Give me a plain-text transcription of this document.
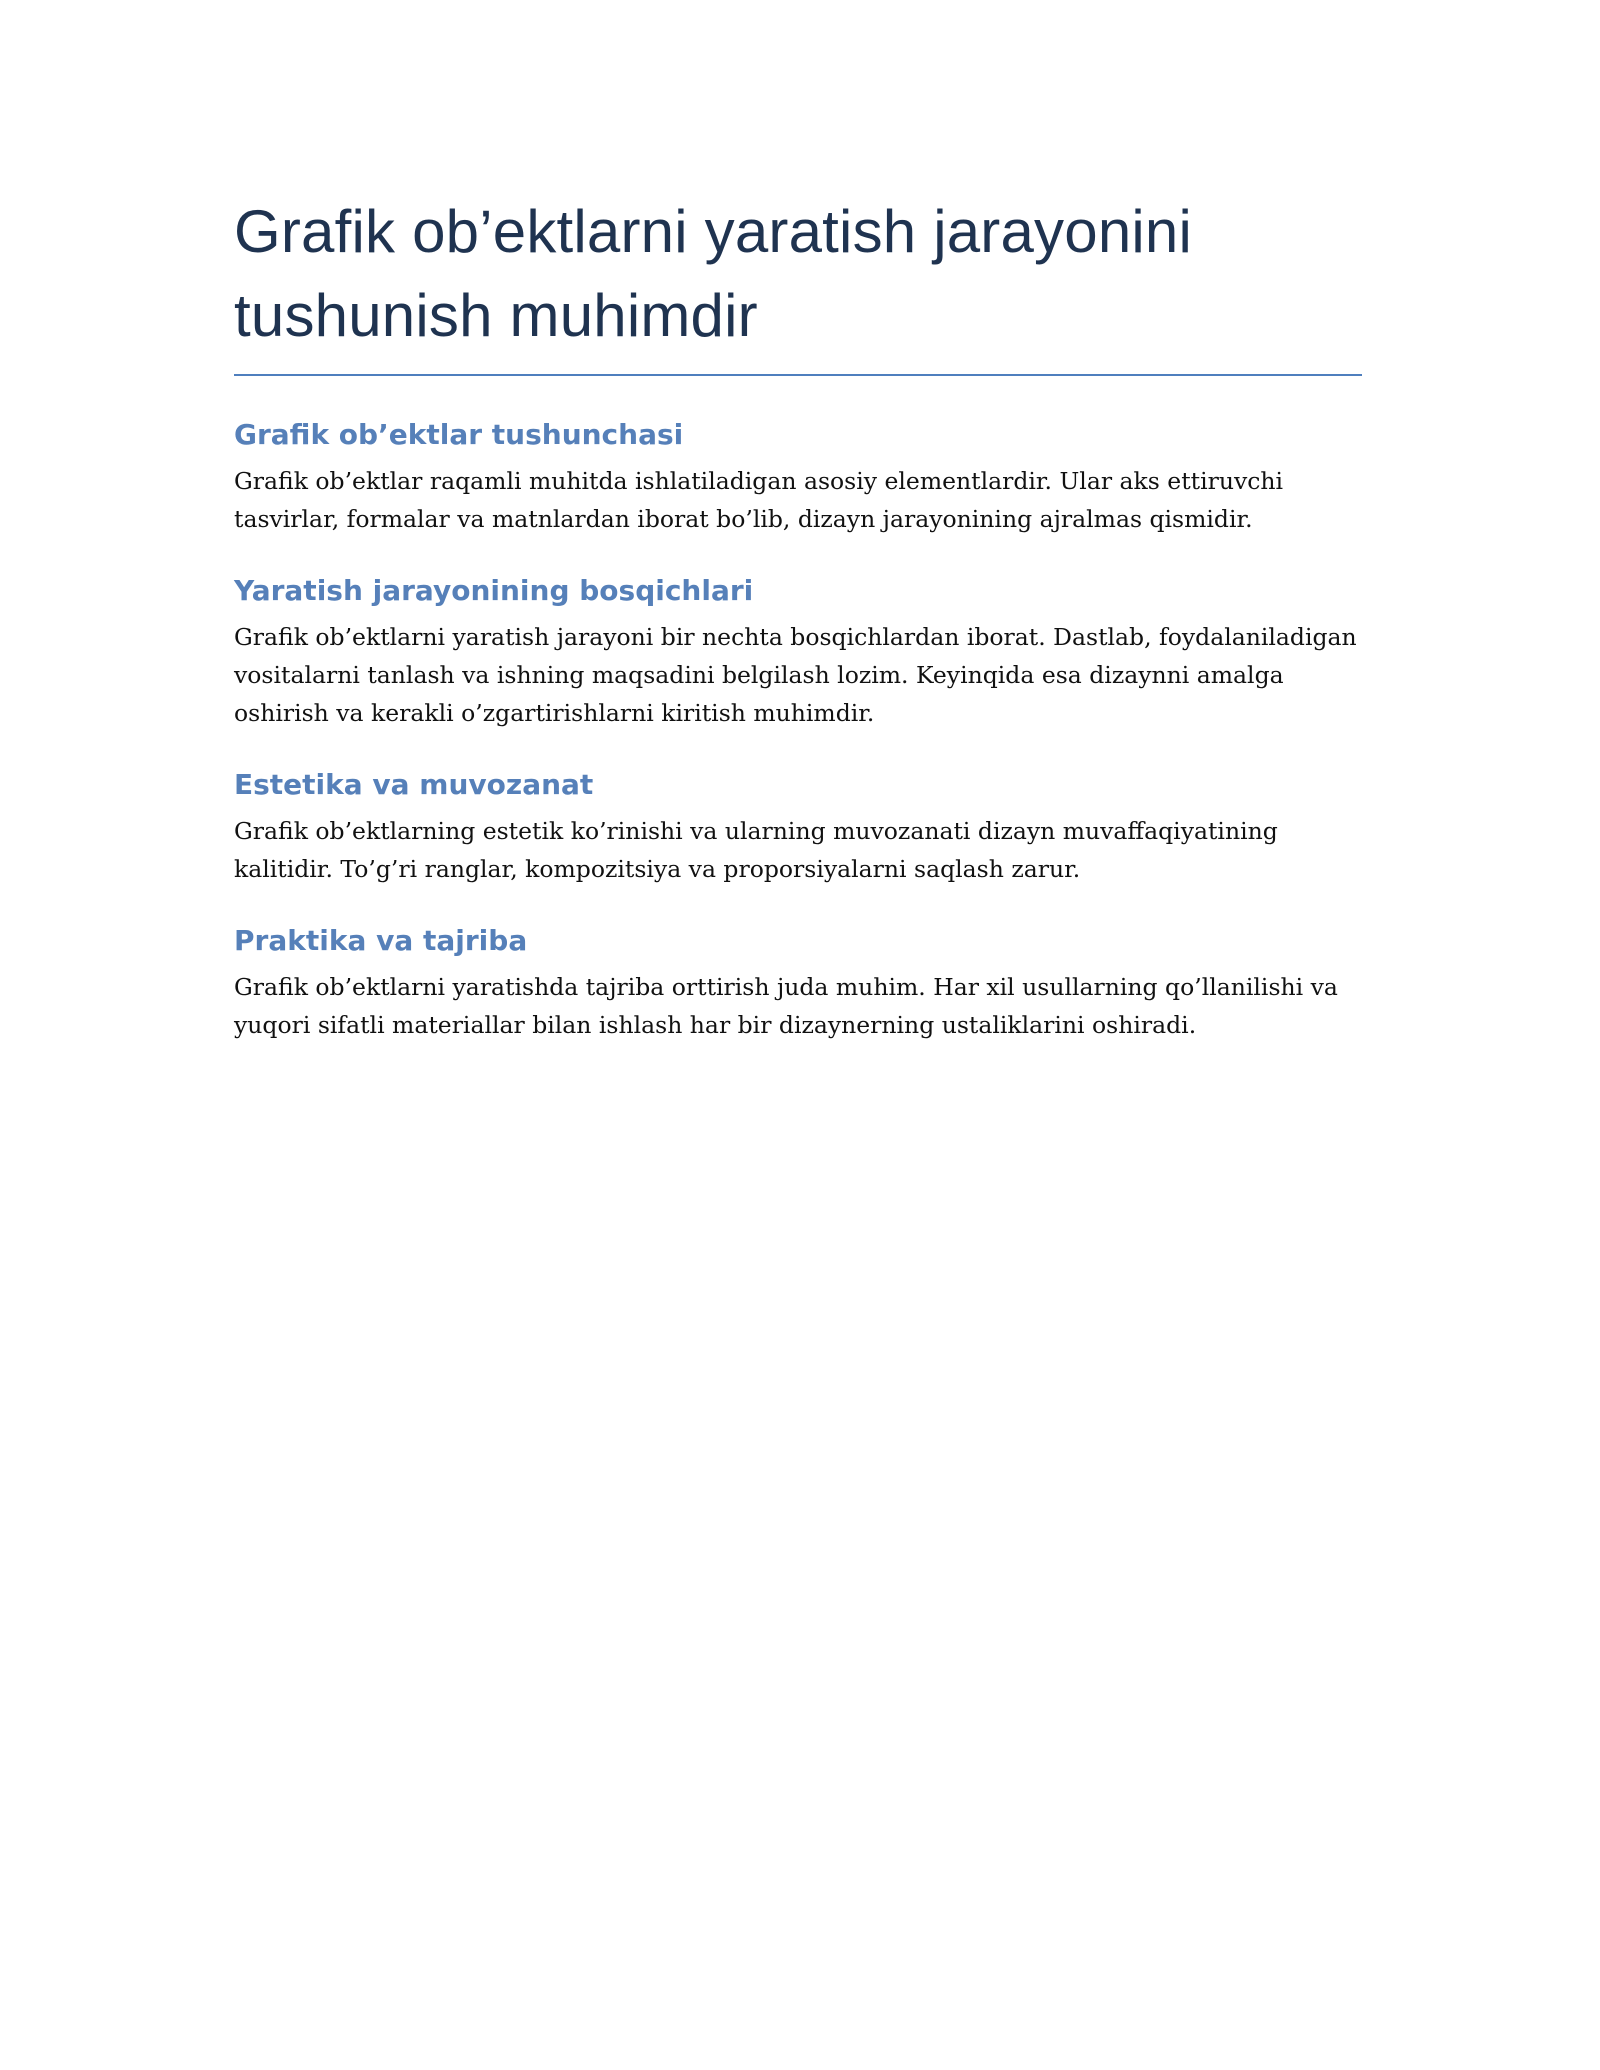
Grafik ob’ektlarni yaratish jarayonini tushunish muhimdir
Grafik ob’ektlar tushunchasi

Grafik ob’ektlar raqamli muhitda ishlatiladigan asosiy elementlardir. Ular aks ettiruvchi tasvirlar, formalar va matnlardan iborat bo’lib, dizayn jarayonining ajralmas qismidir.

Yaratish jarayonining bosqichlari

Grafik ob’ektlarni yaratish jarayoni bir nechta bosqichlardan iborat. Dastlab, foydalaniladigan vositalarni tanlash va ishning maqsadini belgilash lozim. Keyinqida esa dizaynni amalga oshirish va kerakli o’zgartirishlarni kiritish muhimdir.

Estetika va muvozanat

Grafik ob’ektlarning estetik ko’rinishi va ularning muvozanati dizayn muvaffaqiyatining kalitidir. To’g’ri ranglar, kompozitsiya va proporsiyalarni saqlash zarur.

Praktika va tajriba

Grafik ob’ektlarni yaratishda tajriba orttirish juda muhim. Har xil usullarning qo’llanilishi va yuqori sifatli materiallar bilan ishlash har bir dizaynerning ustaliklarini oshiradi.
